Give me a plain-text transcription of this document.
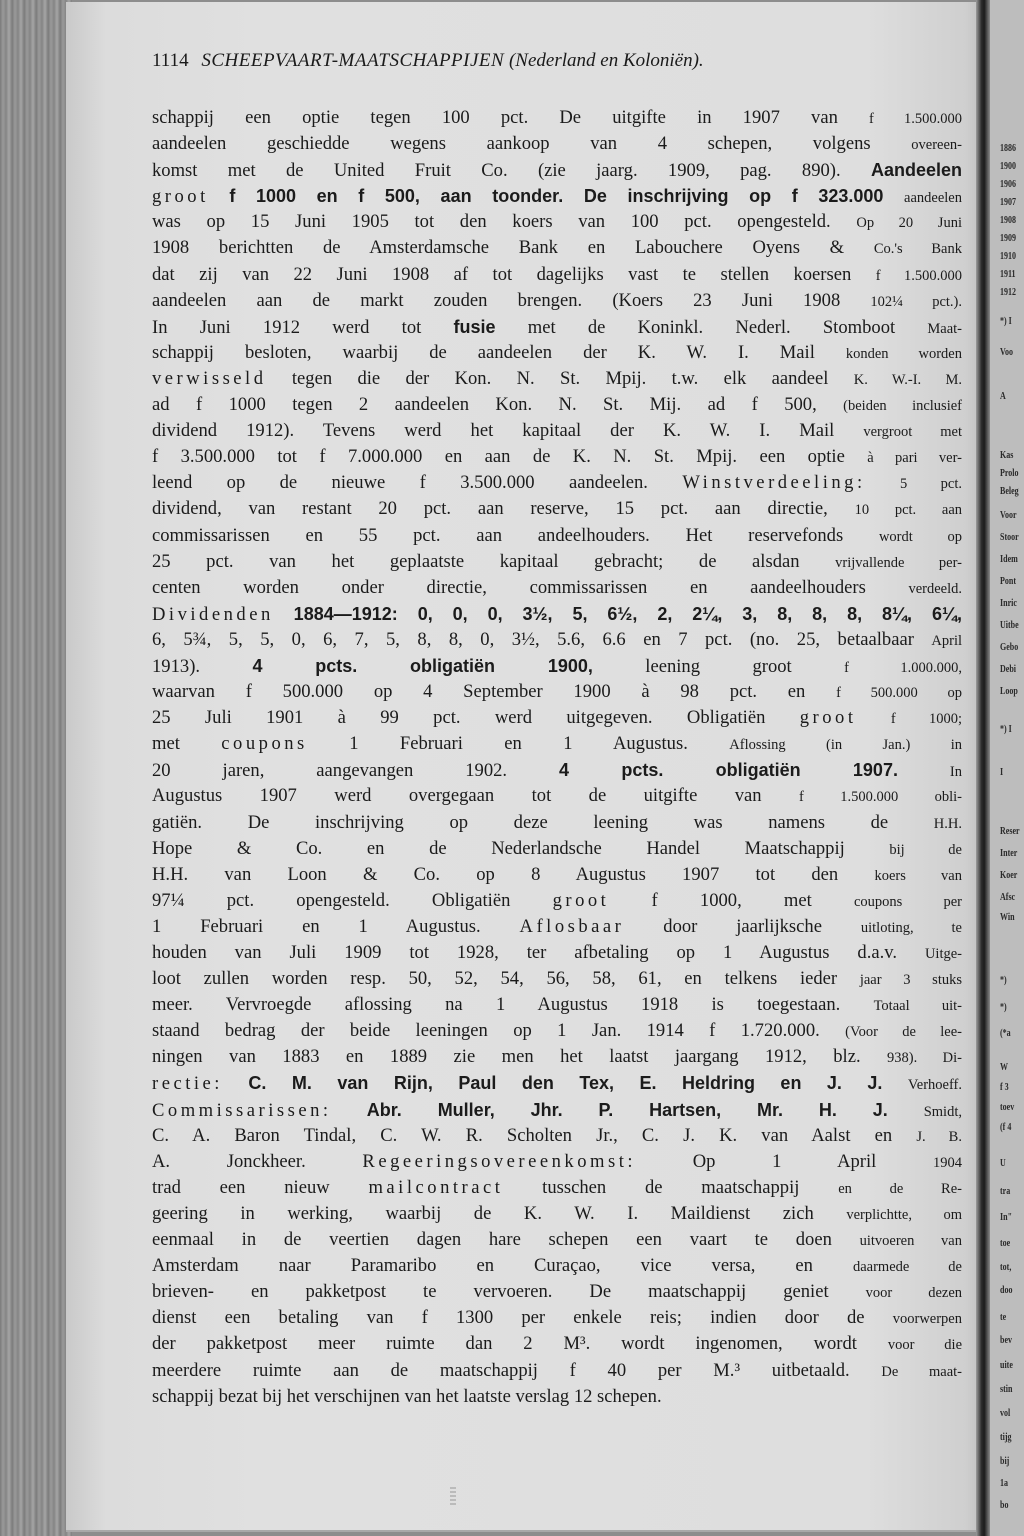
1114 SCHEEPVAART-MAATSCHAPPIJEN (Nederland en Koloniën).
schappij een optie tegen 100 pct. De uitgifte in 1907 van f 1.500.000
aandeelen geschiedde wegens aankoop van 4 schepen, volgens overeen-
komst met de United Fruit Co. (zie jaarg. 1909, pag. 890). Aandeelen
groot f 1000 en f 500, aan toonder. De inschrijving op f 323.000 aandeelen
was op 15 Juni 1905 tot den koers van 100 pct. opengesteld. Op 20 Juni
1908 berichtten de Amsterdamsche Bank en Labouchere Oyens & Co.'s Bank
dat zij van 22 Juni 1908 af tot dagelijks vast te stellen koersen f 1.500.000
aandeelen aan de markt zouden brengen. (Koers 23 Juni 1908 102¼ pct.).
In Juni 1912 werd tot fusie met de Koninkl. Nederl. Stomboot Maat-
schappij besloten, waarbij de aandeelen der K. W. I. Mail konden worden
verwisseld tegen die der Kon. N. St. Mpij. t.w. elk aandeel K. W.-I. M.
ad f 1000 tegen 2 aandeelen Kon. N. St. Mij. ad f 500, (beiden inclusief
dividend 1912). Tevens werd het kapitaal der K. W. I. Mail vergroot met
f 3.500.000 tot f 7.000.000 en aan de K. N. St. Mpij. een optie à pari ver-
leend op de nieuwe f 3.500.000 aandeelen. Winstverdeeling: 5 pct.
dividend, van restant 20 pct. aan reserve, 15 pct. aan directie, 10 pct. aan
commissarissen en 55 pct. aan andeelhouders. Het reservefonds wordt op
25 pct. van het geplaatste kapitaal gebracht; de alsdan vrijvallende per-
centen worden onder directie, commissarissen en aandeelhouders verdeeld.
Dividenden 1884—1912: 0, 0, 0, 3½, 5, 6½, 2, 2¼, 3, 8, 8, 8, 8¼, 6¼,
6, 5¾, 5, 5, 0, 6, 7, 5, 8, 8, 0, 3½, 5.6, 6.6 en 7 pct. (no. 25, betaalbaar April
1913). 4 pcts. obligatiën 1900, leening groot f 1.000.000,
waarvan f 500.000 op 4 September 1900 à 98 pct. en f 500.000 op
25 Juli 1901 à 99 pct. werd uitgegeven. Obligatiën groot f 1000;
met coupons 1 Februari en 1 Augustus. Aflossing (in Jan.) in
20 jaren, aangevangen 1902. 4 pcts. obligatiën 1907.	In
Augustus 1907 werd overgegaan tot de uitgifte van f 1.500.000 obli-
gatiën. De inschrijving op deze leening was namens de H.H.
Hope & Co. en de Nederlandsche Handel Maatschappij bij de
H.H. van Loon & Co. op 8 Augustus 1907 tot den koers van
97¼ pct. opengesteld. Obligatiën groot f 1000, met coupons per
1 Februari en 1 Augustus. Aflosbaar door jaarlijksche uitloting, te
houden van Juli 1909 tot 1928, ter afbetaling op 1 Augustus d.a.v. Uitge-
loot zullen worden resp. 50, 52, 54, 56, 58, 61, en telkens ieder jaar 3 stuks
meer. Vervroegde aflossing na 1 Augustus 1918 is toegestaan. Totaal uit-
staand bedrag der beide leeningen op 1 Jan. 1914 f 1.720.000. (Voor de lee-
ningen van 1883 en 1889 zie men het laatst jaargang 1912, blz. 938). Di-
rectie: C. M. van Rijn, Paul den Tex, E. Heldring en J. J. Verhoeff.
Commissarissen: Abr. Muller, Jhr. P. Hartsen, Mr. H. J. Smidt,
C. A. Baron Tindal, C. W. R. Scholten Jr., C. J. K. van Aalst en J. B.
A. Jonckheer. Regeeringsovereenkomst: Op 1 April 1904
trad een nieuw mailcontract tusschen de maatschappij en de Re-
geering in werking, waarbij de K. W. I. Maildienst zich verplichtte, om
eenmaal in de veertien dagen hare schepen een vaart te doen uitvoeren van
Amsterdam naar Paramaribo en Curaçao, vice versa, en daarmede de
brieven- en pakketpost te vervoeren. De maatschappij geniet voor dezen
dienst een betaling van f 1300 per enkele reis; indien door de voorwerpen
der pakketpost meer ruimte dan 2 M³. wordt ingenomen, wordt voor die
meerdere ruimte aan de maatschappij f 40 per M.³ uitbetaald. De maat-
schappij bezat bij het verschijnen van het laatste verslag 12 schepen.
1886
1900
1906
1907
1908
1909
1910
1911
1912
*) I
Voo
A
Kas
Prolo
Beleg
Voor
Stoor
Idem
Pont
Inric
Uitbe
Gebo
Debi
Loop
*) I
I
Reser
Inter
Koer
Afsc
Win
*)
*)
(*a
W
f 3
toev
(f 4
U
tra
In"
toe
tot,
doo
te
bev
uite
stin
vol
tijg
bij
1a
bo
